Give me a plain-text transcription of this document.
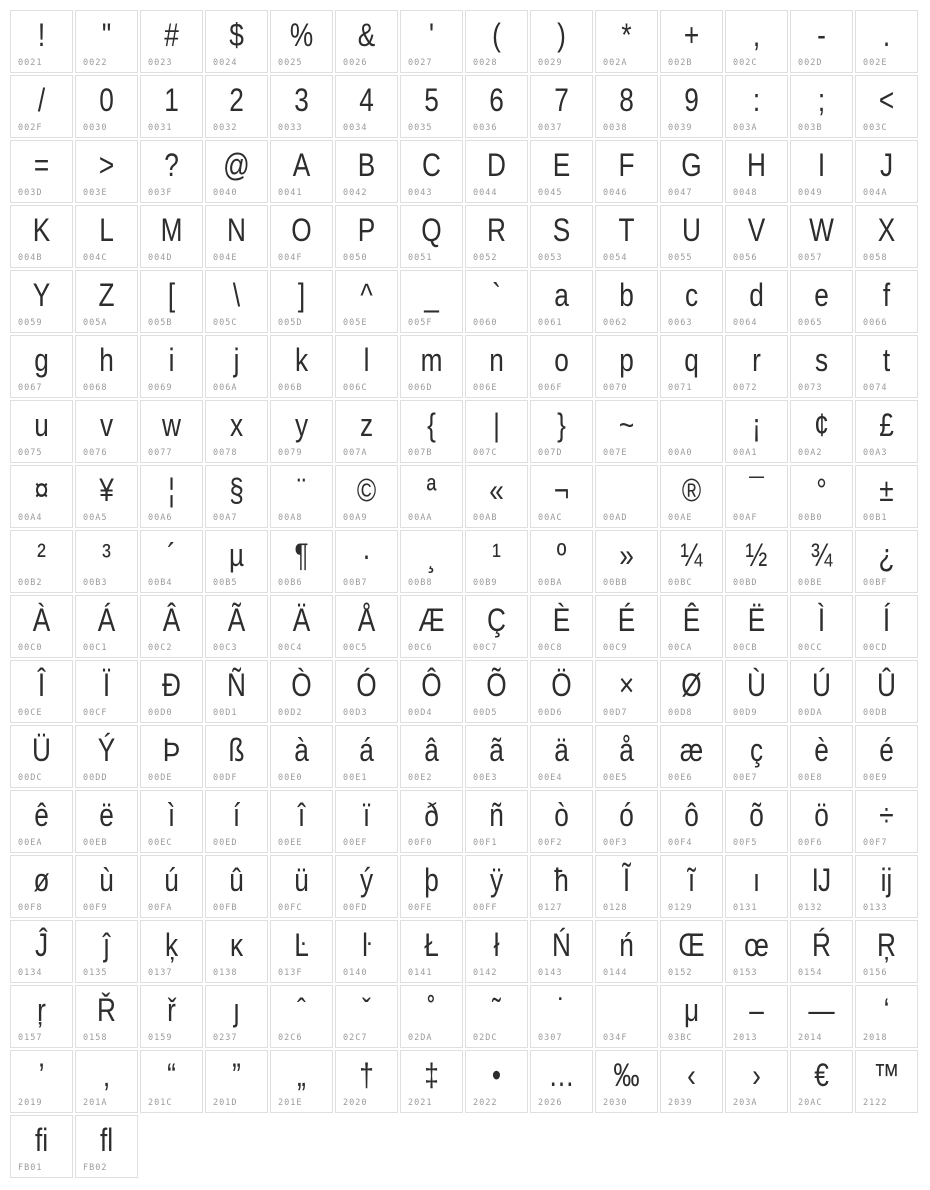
!
0021
"
0022
#
0023
$
0024
%
0025
&
0026
'
0027
(
0028
)
0029
*
002A
+
002B
,
002C
-
002D
.
002E
/
002F
0
0030
1
0031
2
0032
3
0033
4
0034
5
0035
6
0036
7
0037
8
0038
9
0039
:
003A
;
003B
<
003C
=
003D
>
003E
?
003F
@
0040
A
0041
B
0042
C
0043
D
0044
E
0045
F
0046
G
0047
H
0048
I
0049
J
004A
K
004B
L
004C
M
004D
N
004E
O
004F
P
0050
Q
0051
R
0052
S
0053
T
0054
U
0055
V
0056
W
0057
X
0058
Y
0059
Z
005A
[
005B
\
005C
]
005D
^
005E
_
005F
`
0060
a
0061
b
0062
c
0063
d
0064
e
0065
f
0066
g
0067
h
0068
i
0069
j
006A
k
006B
l
006C
m
006D
n
006E
o
006F
p
0070
q
0071
r
0072
s
0073
t
0074
u
0075
v
0076
w
0077
x
0078
y
0079
z
007A
{
007B
|
007C
}
007D
~
007E	00A0
¡
00A1
¢
00A2
£
00A3
¤
00A4
¥
00A5
¦
00A6
§
00A7
¨
00A8
©
00A9
ª
00AA
«
00AB
¬
00AC	00AD
®
00AE
¯
00AF
°
00B0
±
00B1
²
00B2
³
00B3
´
00B4
µ
00B5
¶
00B6
·
00B7
¸
00B8
¹
00B9
º
00BA
»
00BB
¼
00BC
½
00BD
¾
00BE
¿
00BF
À
00C0
Á
00C1
Â
00C2
Ã
00C3
Ä
00C4
Å
00C5
Æ
00C6
Ç
00C7
È
00C8
É
00C9
Ê
00CA
Ë
00CB
Ì
00CC
Í
00CD
Î
00CE
Ï
00CF
Ð
00D0
Ñ
00D1
Ò
00D2
Ó
00D3
Ô
00D4
Õ
00D5
Ö
00D6
×
00D7
Ø
00D8
Ù
00D9
Ú
00DA
Û
00DB
Ü
00DC
Ý
00DD
Þ
00DE
ß
00DF
à
00E0
á
00E1
â
00E2
ã
00E3
ä
00E4
å
00E5
æ
00E6
ç
00E7
è
00E8
é
00E9
ê
00EA
ë
00EB
ì
00EC
í
00ED
î
00EE
ï
00EF
ð
00F0
ñ
00F1
ò
00F2
ó
00F3
ô
00F4
õ
00F5
ö
00F6
÷
00F7
ø
00F8
ù
00F9
ú
00FA
û
00FB
ü
00FC
ý
00FD
þ
00FE
ÿ
00FF
ħ
0127
Ĩ
0128
ĩ
0129
ı
0131
Ĳ
0132
ĳ
0133
Ĵ
0134
ĵ
0135
ķ
0137
ĸ
0138
Ŀ
013F
ŀ
0140
Ł
0141
ł
0142
Ń
0143
ń
0144
Œ
0152
œ
0153
Ŕ
0154
Ŗ
0156
ŗ
0157
Ř
0158
ř
0159
ȷ
0237
ˆ
02C6
ˇ
02C7
˚
02DA
˜
02DC
˙
0307	034F
μ
03BC
–
2013
—
2014
‘
2018
’
2019
‚
201A
“
201C
”
201D
„
201E
†
2020
‡
2021
•
2022
…
2026
‰
2030
‹
2039
›
203A
€
20AC
™
2122
ﬁ
FB01
ﬂ
FB02
